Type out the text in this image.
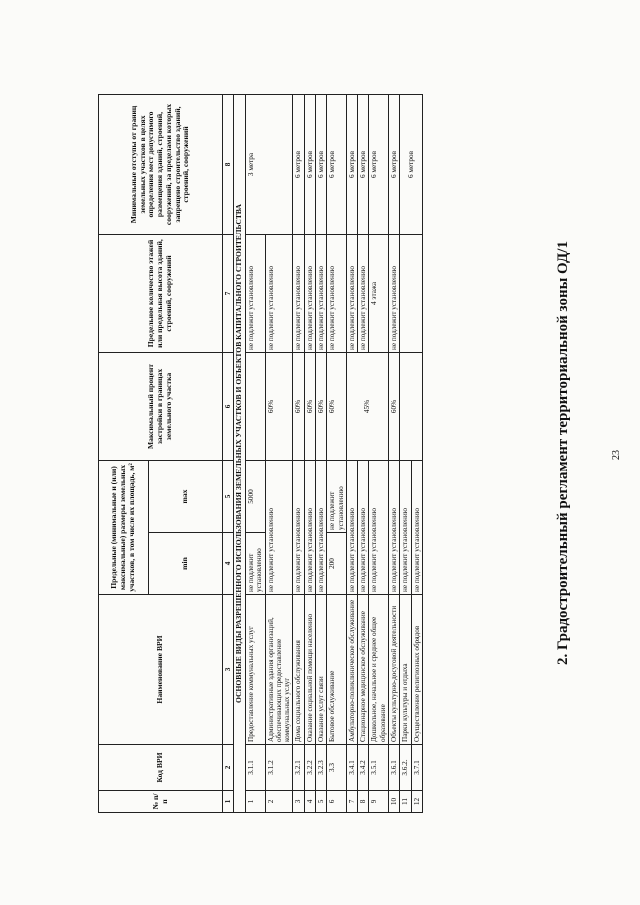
23
2. Градостроительный регламент территориальной зоны ОД/1
№ п/п	Код ВРИ	Наименование ВРИ	Предельные (минимальные и (или) максимальные) размеры земельных участков, в том числе их площадь, м²		Максимальный процент застройки в границах земельного участка	Предельное количество этажей или предельная высота зданий, строений, сооружений	Минимальные отступы от границ земельных участков в целях определения мест допустимого размещения зданий, строений, сооружений, за пределами которых запрещено строительство зданий, строений, сооружений
			min	max			
1	2	3	4	5	6	7	8
ОСНОВНЫЕ ВИДЫ РАЗРЕШЕННОГО ИСПОЛЬЗОВАНИЯ ЗЕМЕЛЬНЫХ УЧАСТКОВ И ОБЪЕКТОВ КАПИТАЛЬНОГО СТРОИТЕЛЬСТВА							
1	3.1.1	Предоставление коммунальных услуг	не подлежит установлению	5000		не подлежит установлению	3 метра
2	3.1.2	Административные здания организаций, обеспечивающих предоставление коммунальных услуг	не подлежит установлению		60%	не подлежит установлению	
3	3.2.1	Дома социального обслуживания	не подлежит установлению		60%	не подлежит установлению	6 метров
4	3.2.2	Оказание социальной помощи населению	не подлежит установлению		60%	не подлежит установлению	6 метров
5	3.2.3	Оказание услуг связи	не подлежит установлению		60%	не подлежит установлению	6 метров
6	3.3	Бытовое обслуживание	200	не подлежит установлению	60%	не подлежит установлению	6 метров
7	3.4.1	Амбулаторно-поликлиническое обслуживание	не подлежит установлению		45%	не подлежит установлению	6 метров
8	3.4.2	Стационарное медицинское обслуживание	не подлежит установлению			не подлежит установлению	6 метров
9	3.5.1	Дошкольное, начальное и среднее общее образование	не подлежит установлению			4 этажа	6 метров
10	3.6.1	Объекты культурно-досуговой деятельности	не подлежит установлению		60%	не подлежит установлению	6 метров
11	3.6.2.	Парки культуры и отдыха	не подлежит установлению				6 метров
12	3.7.1	Осуществление религиозных обрядов	не подлежит установлению				
